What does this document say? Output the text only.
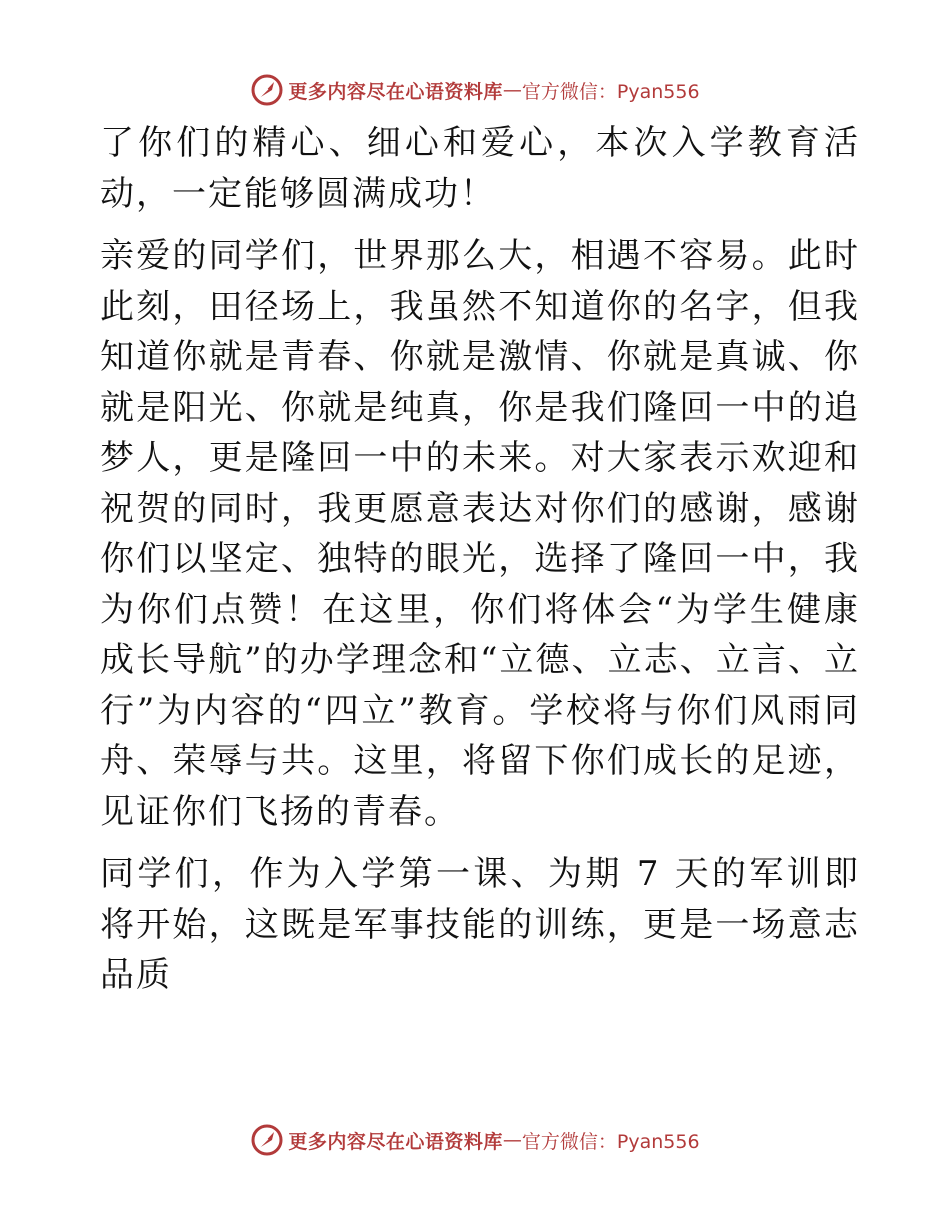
更多内容尽在心语资料库 — 官方微信：Pyan556

了你们的精心、细心和爱心，本次入学教育活动，一定能够圆满成功！

亲爱的同学们，世界那么大，相遇不容易。此时此刻，田径场上，我虽然不知道你的名字，但我知道你就是青春、你就是激情、你就是真诚、你就是阳光、你就是纯真，你是我们隆回一中的追梦人，更是隆回一中的未来。对大家表示欢迎和祝贺的同时，我更愿意表达对你们的感谢，感谢你们以坚定、独特的眼光，选择了隆回一中，我为你们点赞！在这里，你们将体会“为学生健康成长导航”的办学理念和“立德、立志、立言、立行”为内容的“四立”教育。学校将与你们风雨同舟、荣辱与共。这里，将留下你们成长的足迹，见证你们飞扬的青春。

同学们，作为入学第一课、为期 7 天的军训即将开始，这既是军事技能的训练，更是一场意志品质

更多内容尽在心语资料库 — 官方微信：Pyan556
